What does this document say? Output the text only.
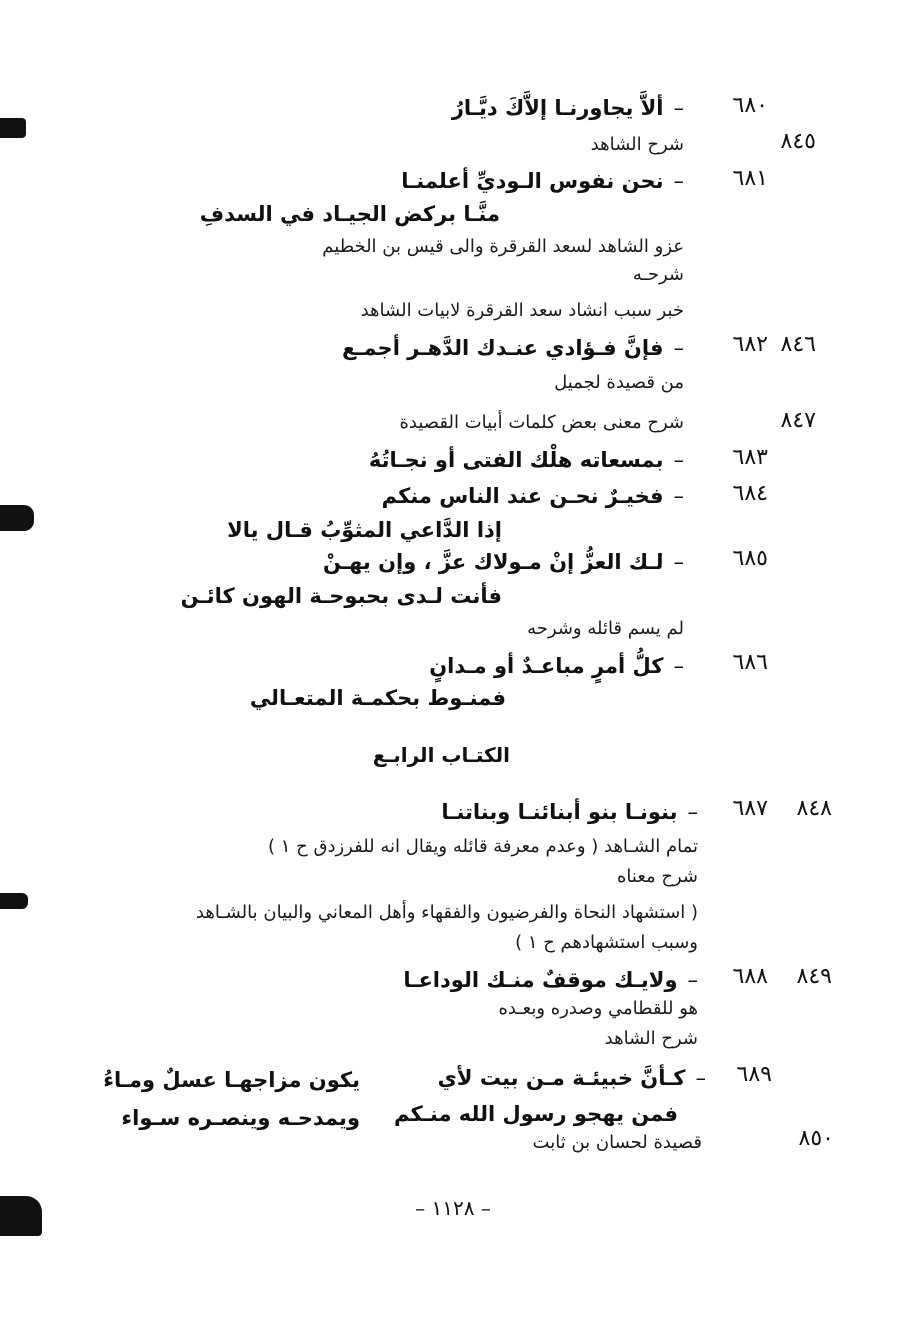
٦٨٠
–ألاَّ يجاورنـا إلاَّكَ ديَّـارُ
٨٤٥
شرح الشاهد
٦٨١
–نحن نفوس الـوديِّ أعلمنـا
منَّـا بركض الجيـاد في السدفِ
عزو الشاهد لسعد القرقرة والى قيس بن الخطيم
شرحـه
خبر سبب انشاد سعد القرقرة لابيات الشاهد
٨٤٦
٦٨٢
–فإنَّ فـؤادي عنـدك الدَّهـر أجمـع
من قصيدة لجميل
٨٤٧
شرح معنى بعض كلمات أبيات القصيدة
٦٨٣
–بمسعاته هلْك الفتى أو نجـاتُهُ
٦٨٤
–فخيـرٌ نحـن عند الناس منكم
إذا الدَّاعي المثوِّبُ قـال يالا
٦٨٥
–لـك العزُّ إنْ مـولاك عزَّ ، وإن يهـنْ
فأنت لـدى بحبوحـة الهون كائـن
لم يسم قائله وشرحه
٦٨٦
–كلُّ أمرٍ مباعـدٌ أو مـدانٍ
فمنـوط بحكمـة المتعـالي
الكتـاب الرابـع
٨٤٨
٦٨٧
–بنونـا بنو أبنائنـا وبناتنـا
تمام الشـاهد ( وعدم معرفة قائله ويقال انه للفرزدق ح ١ )
شرح معناه
( استشهاد النحاة والفرضيون والفقهاء وأهل المعاني والبيان بالشـاهد
وسبب استشهادهم ح ١ )
٨٤٩
٦٨٨
–ولايـك موقفٌ منـك الوداعـا
هو للقطامي وصدره وبعـده
شرح الشاهد
٦٨٩
–كـأنَّ خبيئـة مـن بيت لأي
يكون مزاجهـا عسلٌ ومـاءُ
فمن يهجو رسول الله منـكم
ويمدحـه وينصـره سـواء
٨٥٠
قصيدة لحسان بن ثابت
– ١١٢٨ –
